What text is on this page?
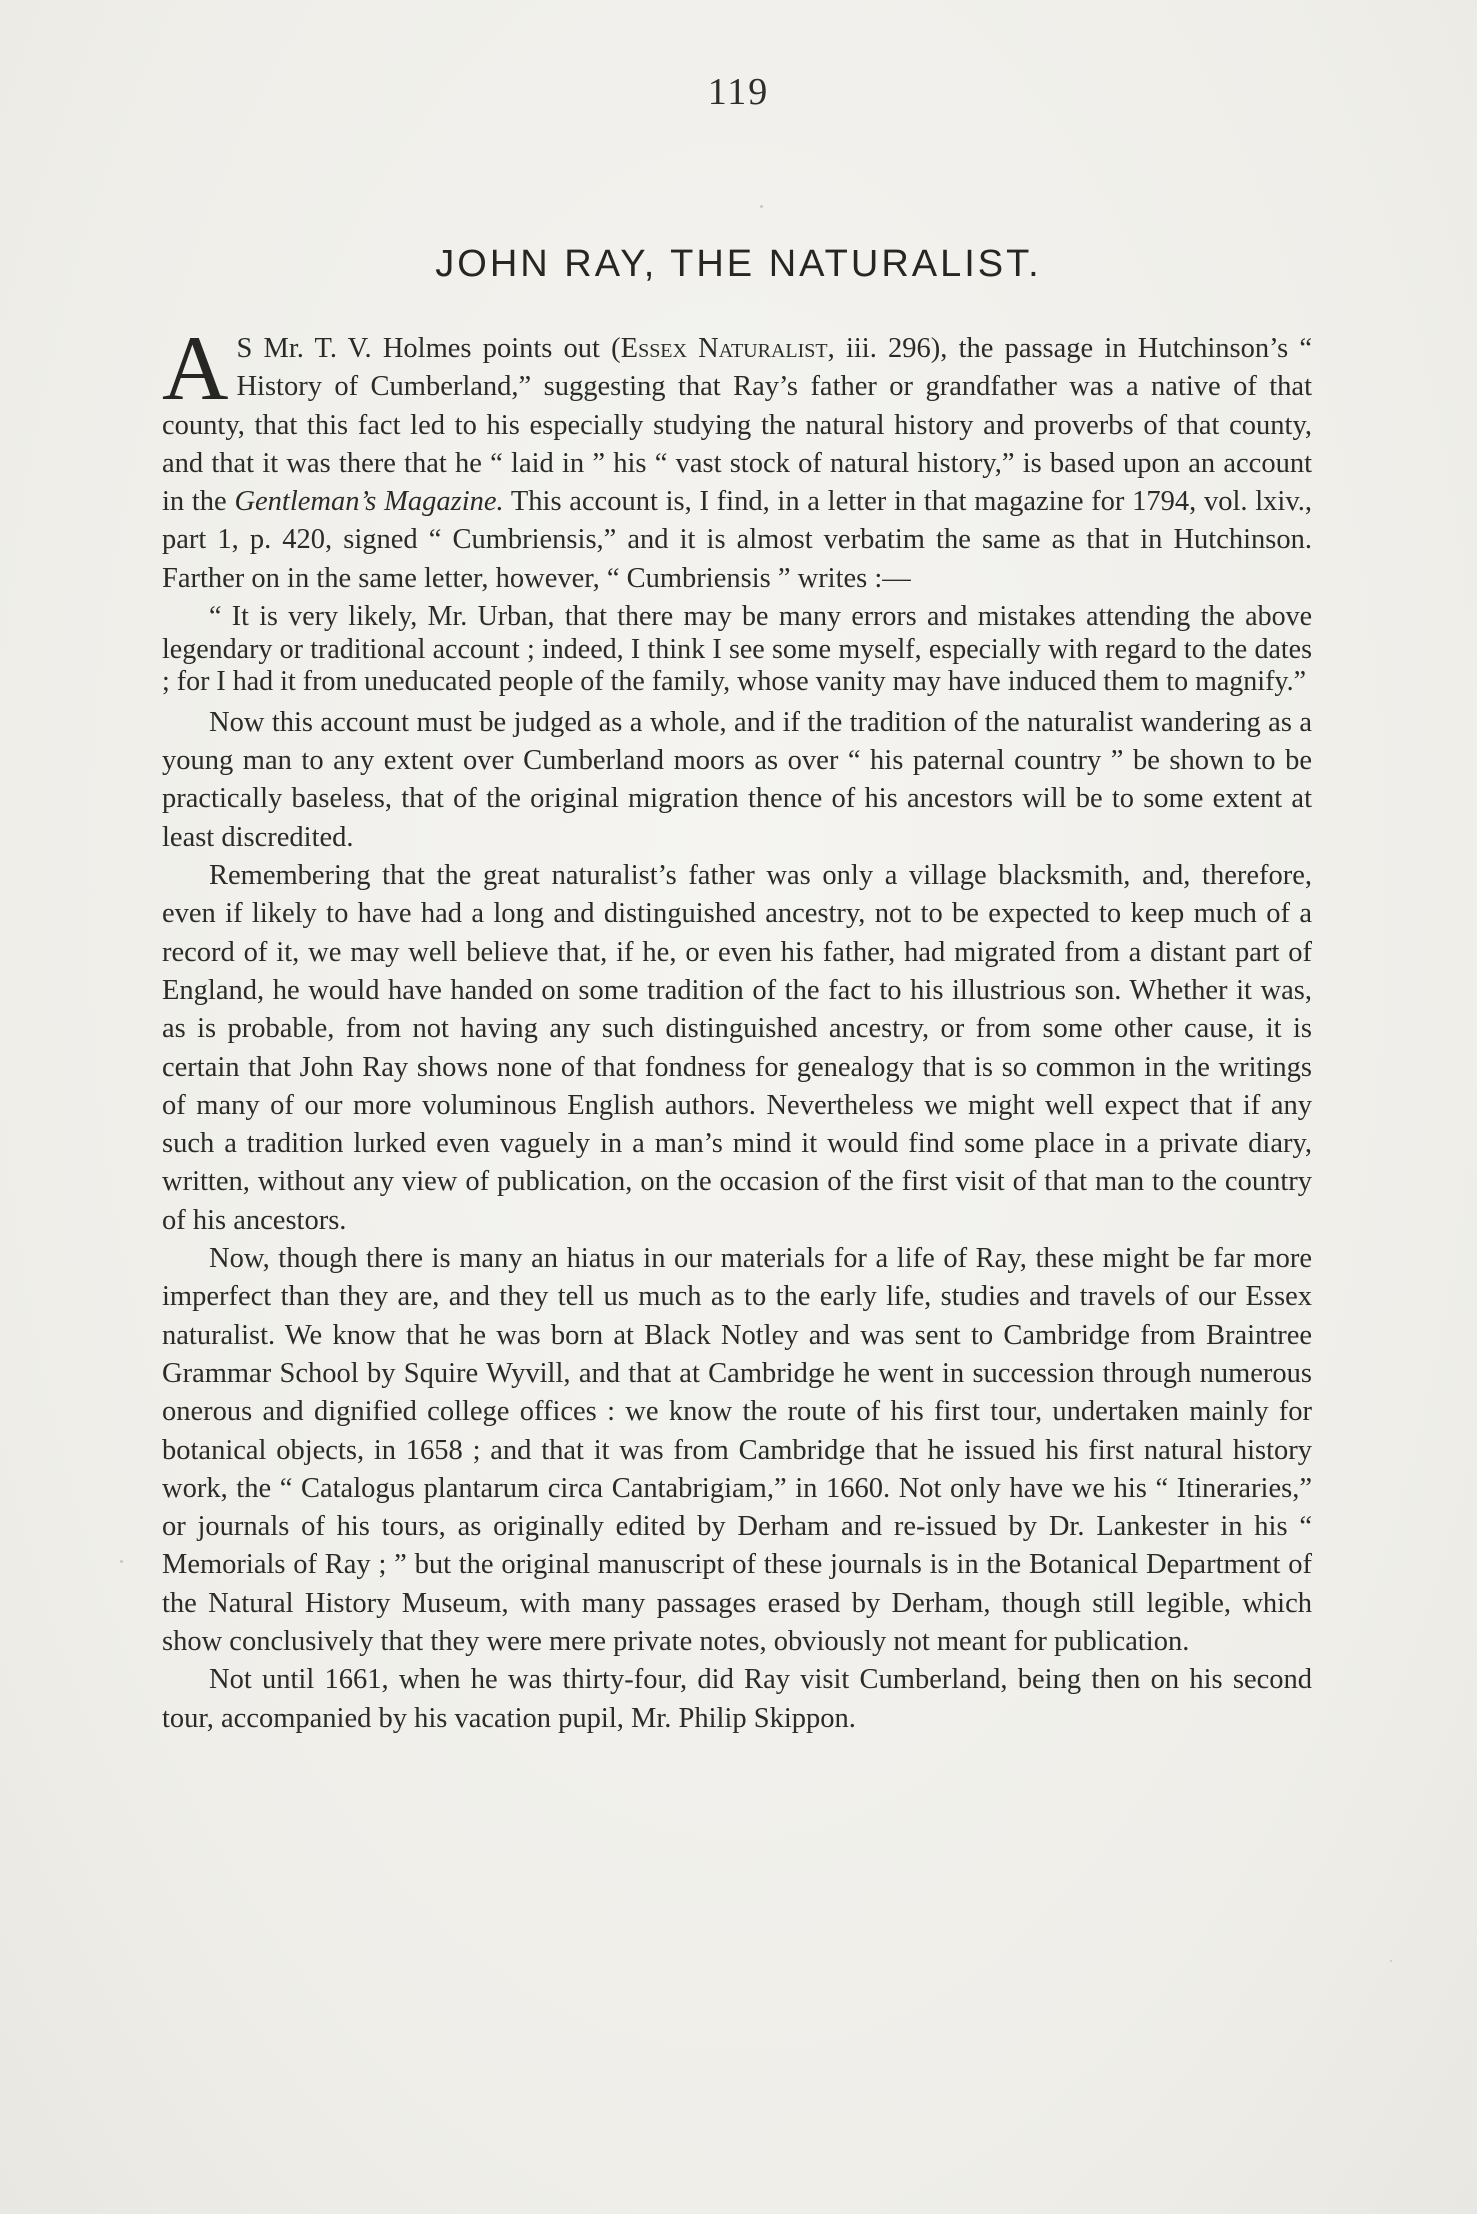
119
JOHN RAY, THE NATURALIST.

A S Mr. T. V. Holmes points out (Essex Naturalist, iii. 296), the passage in Hutchinson’s “ History of Cumberland,” suggesting that Ray’s father or grandfather was a native of that county, that this fact led to his especially studying the natural history and proverbs of that county, and that it was there that he “ laid in ” his “ vast stock of natural history,” is based upon an account in the Gentleman’s Magazine. This account is, I find, in a letter in that magazine for 1794, vol. lxiv., part 1, p. 420, signed “ Cumbriensis,” and it is almost verbatim the same as that in Hutchinson. Farther on in the same letter, however, “ Cumbriensis ” writes :—

“ It is very likely, Mr. Urban, that there may be many errors and mistakes attending the above legendary or traditional account ; indeed, I think I see some myself, especially with regard to the dates ; for I had it from uneducated people of the family, whose vanity may have induced them to magnify.”

Now this account must be judged as a whole, and if the tradition of the naturalist wandering as a young man to any extent over Cumberland moors as over “ his paternal country ” be shown to be practically baseless, that of the original migration thence of his ancestors will be to some extent at least discredited.

Remembering that the great naturalist’s father was only a village blacksmith, and, therefore, even if likely to have had a long and distinguished ancestry, not to be expected to keep much of a record of it, we may well believe that, if he, or even his father, had migrated from a distant part of England, he would have handed on some tradition of the fact to his illustrious son. Whether it was, as is probable, from not having any such distinguished ancestry, or from some other cause, it is certain that John Ray shows none of that fondness for genealogy that is so common in the writings of many of our more voluminous English authors. Nevertheless we might well expect that if any such a tradition lurked even vaguely in a man’s mind it would find some place in a private diary, written, without any view of publication, on the occasion of the first visit of that man to the country of his ancestors.

Now, though there is many an hiatus in our materials for a life of Ray, these might be far more imperfect than they are, and they tell us much as to the early life, studies and travels of our Essex naturalist. We know that he was born at Black Notley and was sent to Cambridge from Braintree Grammar School by Squire Wyvill, and that at Cambridge he went in succession through numerous onerous and dignified college offices : we know the route of his first tour, undertaken mainly for botanical objects, in 1658 ; and that it was from Cambridge that he issued his first natural history work, the “ Catalogus plantarum circa Cantabrigiam,” in 1660. Not only have we his “ Itineraries,” or journals of his tours, as originally edited by Derham and re-issued by Dr. Lankester in his “ Memorials of Ray ; ” but the original manuscript of these journals is in the Botanical Department of the Natural History Museum, with many passages erased by Derham, though still legible, which show conclusively that they were mere private notes, obviously not meant for publication.

Not until 1661, when he was thirty-four, did Ray visit Cumberland, being then on his second tour, accompanied by his vacation pupil, Mr. Philip Skippon.
